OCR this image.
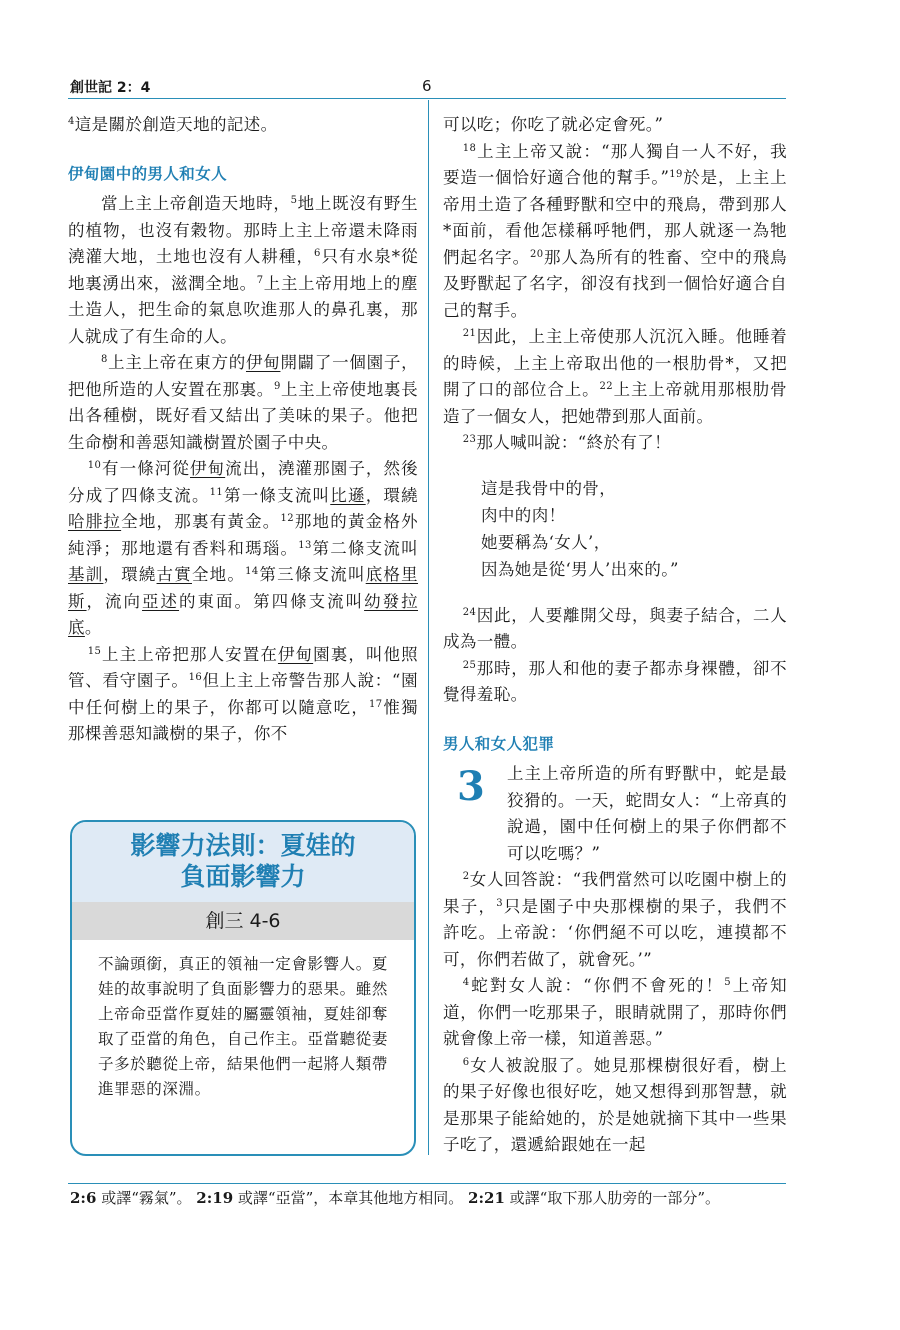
創世記 2：4	6

$^4$這是關於創造天地的記述。

伊甸園中的男人和女人

當上主上帝創造天地時，$^5$地上既沒有野生的植物，也沒有穀物。那時上主上帝還未降雨澆灌大地，土地也沒有人耕種，$^6$只有水泉*從地裏湧出來，滋潤全地。$^7$上主上帝用地上的塵土造人，把生命的氣息吹進那人的鼻孔裏，那人就成了有生命的人。

$^8$上主上帝在東方的伊甸開闢了一個園子，把他所造的人安置在那裏。$^9$上主上帝使地裏長出各種樹，既好看又結出了美味的果子。他把生命樹和善惡知識樹置於園子中央。

$^{10}$有一條河從伊甸流出，澆灌那園子，然後分成了四條支流。$^{11}$第一條支流叫比遜，環繞哈腓拉全地，那裏有黃金。$^{12}$那地的黃金格外純淨；那地還有香料和瑪瑙。$^{13}$第二條支流叫基訓，環繞古實全地。$^{14}$第三條支流叫底格里斯，流向亞述的東面。第四條支流叫幼發拉底。

$^{15}$上主上帝把那人安置在伊甸園裏，叫他照管、看守園子。$^{16}$但上主上帝警告那人說：“園中任何樹上的果子，你都可以隨意吃，$^{17}$惟獨那棵善惡知識樹的果子，你不

影響力法則：夏娃的
負面影響力
創三 4-6
不論頭銜，真正的領袖一定會影響人。夏娃的故事說明了負面影響力的惡果。雖然上帝命亞當作夏娃的屬靈領袖，夏娃卻奪取了亞當的角色，自己作主。亞當聽從妻子多於聽從上帝，結果他們一起將人類帶進罪惡的深淵。

可以吃；你吃了就必定會死。”

$^{18}$上主上帝又說：“那人獨自一人不好，我要造一個恰好適合他的幫手。”$^{19}$於是，上主上帝用土造了各種野獸和空中的飛鳥，帶到那人*面前，看他怎樣稱呼牠們，那人就逐一為牠們起名字。$^{20}$那人為所有的牲畜、空中的飛鳥及野獸起了名字，卻沒有找到一個恰好適合自己的幫手。

$^{21}$因此，上主上帝使那人沉沉入睡。他睡着的時候，上主上帝取出他的一根肋骨*，又把開了口的部位合上。$^{22}$上主上帝就用那根肋骨造了一個女人，把她帶到那人面前。

$^{23}$那人喊叫說：“終於有了！

這是我骨中的骨，
肉中的肉！
她要稱為‘女人’，
因為她是從‘男人’出來的。”

$^{24}$因此，人要離開父母，與妻子結合，二人成為一體。

$^{25}$那時，那人和他的妻子都赤身裸體，卻不覺得羞恥。

男人和女人犯罪
3	上主上帝所造的所有野獸中，蛇是最狡猾的。一天，蛇問女人：“上帝真的說過，園中任何樹上的果子你們都不可以吃嗎？”

$^2$女人回答說：“我們當然可以吃園中樹上的果子，$^3$只是園子中央那棵樹的果子，我們不許吃。上帝說：‘你們絕不可以吃，連摸都不可，你們若做了，就會死。’”

$^4$蛇對女人說：“你們不會死的！$^5$上帝知道，你們一吃那果子，眼睛就開了，那時你們就會像上帝一樣，知道善惡。”

$^6$女人被說服了。她見那棵樹很好看，樹上的果子好像也很好吃，她又想得到那智慧，就是那果子能給她的，於是她就摘下其中一些果子吃了，還遞給跟她在一起

2:6 或譯“霧氣”。 2:19 或譯“亞當”，本章其他地方相同。 2:21 或譯“取下那人肋旁的一部分”。
